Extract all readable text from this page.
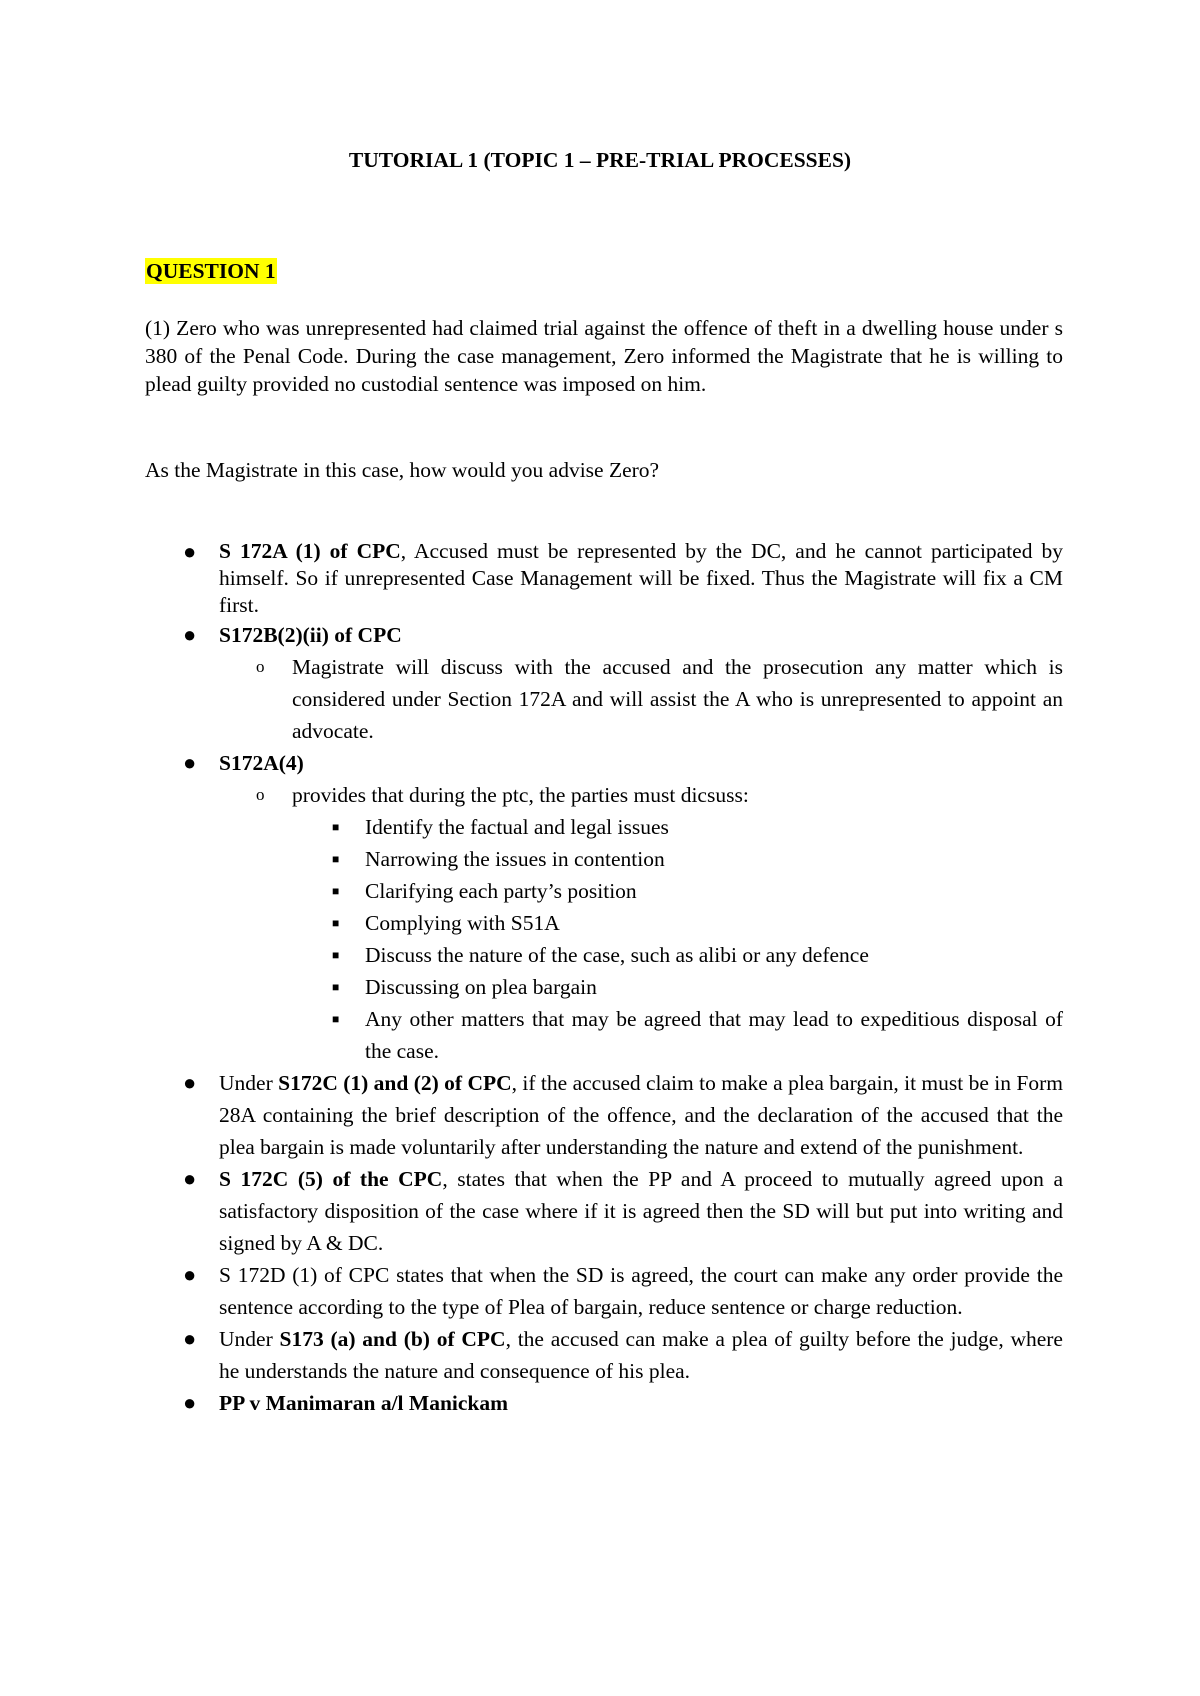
TUTORIAL 1 (TOPIC 1 – PRE-TRIAL PROCESSES)
QUESTION 1
(1) Zero who was unrepresented had claimed trial against the offence of theft in a dwelling house under s 380 of the Penal Code. During the case management, Zero informed the Magistrate that he is willing to plead guilty provided no custodial sentence was imposed on him.
As the Magistrate in this case, how would you advise Zero?
● S 172A (1) of CPC, Accused must be represented by the DC, and he cannot participated by himself. So if unrepresented Case Management will be fixed. Thus the Magistrate will fix a CM first.
● S172B(2)(ii) of CPC
o Magistrate will discuss with the accused and the prosecution any matter which is considered under Section 172A and will assist the A who is unrepresented to appoint an advocate.
● S172A(4)
o provides that during the ptc, the parties must dicsuss:
■ Identify the factual and legal issues
■ Narrowing the issues in contention
■ Clarifying each party’s position
■ Complying with S51A
■ Discuss the nature of the case, such as alibi or any defence
■ Discussing on plea bargain
■ Any other matters that may be agreed that may lead to expeditious disposal of the case.
● Under S172C (1) and (2) of CPC, if the accused claim to make a plea bargain, it must be in Form 28A containing the brief description of the offence, and the declaration of the accused that the plea bargain is made voluntarily after understanding the nature and extend of the punishment.
● S 172C (5) of the CPC, states that when the PP and A proceed to mutually agreed upon a satisfactory disposition of the case where if it is agreed then the SD will but put into writing and signed by A & DC.
● S 172D (1) of CPC states that when the SD is agreed, the court can make any order provide the sentence according to the type of Plea of bargain, reduce sentence or charge reduction.
● Under S173 (a) and (b) of CPC, the accused can make a plea of guilty before the judge, where he understands the nature and consequence of his plea.
● PP v Manimaran a/l Manickam
